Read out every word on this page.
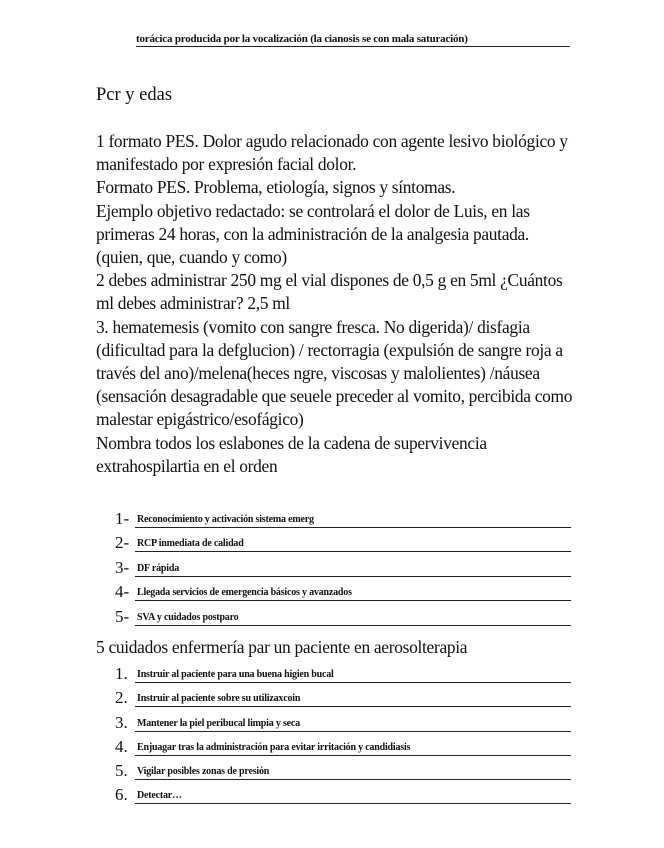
torácica producida por la vocalización (la cianosis se con mala saturación)
Pcr y edas

1 formato PES. Dolor agudo relacionado con agente lesivo biológico y manifestado por expresión facial dolor.

Formato PES. Problema, etiología, signos y síntomas.

Ejemplo objetivo redactado: se controlará el dolor de Luis, en las primeras 24 horas, con la administración de la analgesia pautada. (quien, que, cuando y como)

2 debes administrar 250 mg el vial dispones de 0,5 g en 5ml ¿Cuántos ml debes administrar? 2,5 ml

3. hematemesis (vomito con sangre fresca. No digerida)/ disfagia (dificultad para la defglucion) / rectorragia (expulsión de sangre roja a través del ano)/melena(heces ngre, viscosas y malolientes) /náusea (sensación desagradable que seuele preceder al vomito, percibida como malestar epigástrico/esofágico)

Nombra todos los eslabones de la cadena de supervivencia extrahospilartia en el orden

1- Reconocimiento y activación sistema emerg
2- RCP inmediata de calidad
3- DF rápida
4- Llegada servicios de emergencia básicos y avanzados
5- SVA y cuidados postparo
5 cuidados enfermería par un paciente en aerosolterapia
1. Instruir al paciente para una buena higien bucal
2. Instruir al paciente sobre su utilizaxcoin
3. Mantener la piel peribucal limpia y seca
4. Enjuagar tras la administración para evitar irritación y candidiasis
5. Vigilar posibles zonas de presión
6. Detectar…
